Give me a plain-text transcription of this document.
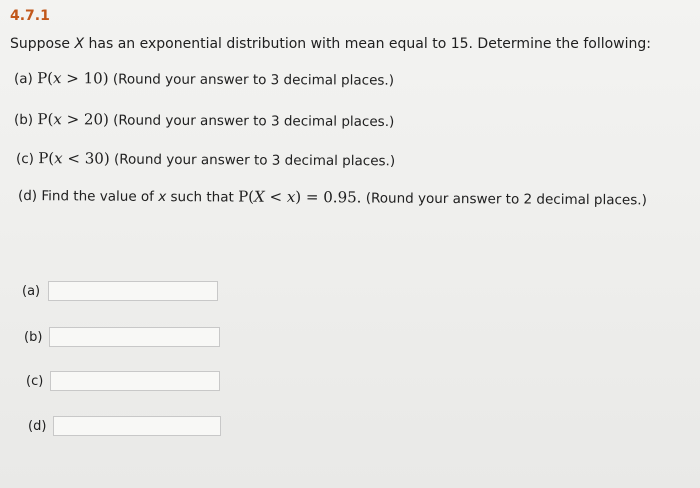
4.7.1
Suppose X has an exponential distribution with mean equal to 15. Determine the following:
(a) P(x > 10) (Round your answer to 3 decimal places.)
(b) P(x > 20) (Round your answer to 3 decimal places.)
(c) P(x < 30) (Round your answer to 3 decimal places.)
(d) Find the value of x such that P(X < x) = 0.95. (Round your answer to 2 decimal places.)
(a)
(b)
(c)
(d)
